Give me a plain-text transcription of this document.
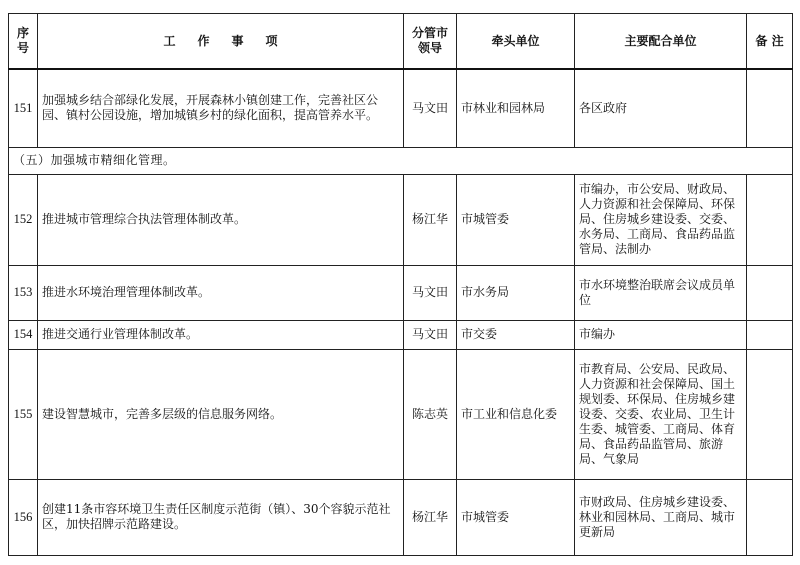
序号	工 作 事 项	分管市领导	牵头单位	主要配合单位	备 注
151	加强城乡结合部绿化发展，开展森林小镇创建工作，完善社区公园、镇村公园设施，增加城镇乡村的绿化面积，提高管养水平。	马文田	市林业和园林局	各区政府	
（五）加强城市精细化管理。					
152	推进城市管理综合执法管理体制改革。	杨江华	市城管委	市编办，市公安局、财政局、人力资源和社会保障局、环保局、住房城乡建设委、交委、水务局、工商局、食品药品监管局、法制办	
153	推进水环境治理管理体制改革。	马文田	市水务局	市水环境整治联席会议成员单位	
154	推进交通行业管理体制改革。	马文田	市交委	市编办	
155	建设智慧城市，完善多层级的信息服务网络。	陈志英	市工业和信息化委	市教育局、公安局、民政局、人力资源和社会保障局、国土规划委、环保局、住房城乡建设委、交委、农业局、卫生计生委、城管委、工商局、体育局、食品药品监管局、旅游局、气象局	
156	创建11条市容环境卫生责任区制度示范街（镇）、30个容貌示范社区，加快招牌示范路建设。	杨江华	市城管委	市财政局、住房城乡建设委、林业和园林局、工商局、城市更新局	
